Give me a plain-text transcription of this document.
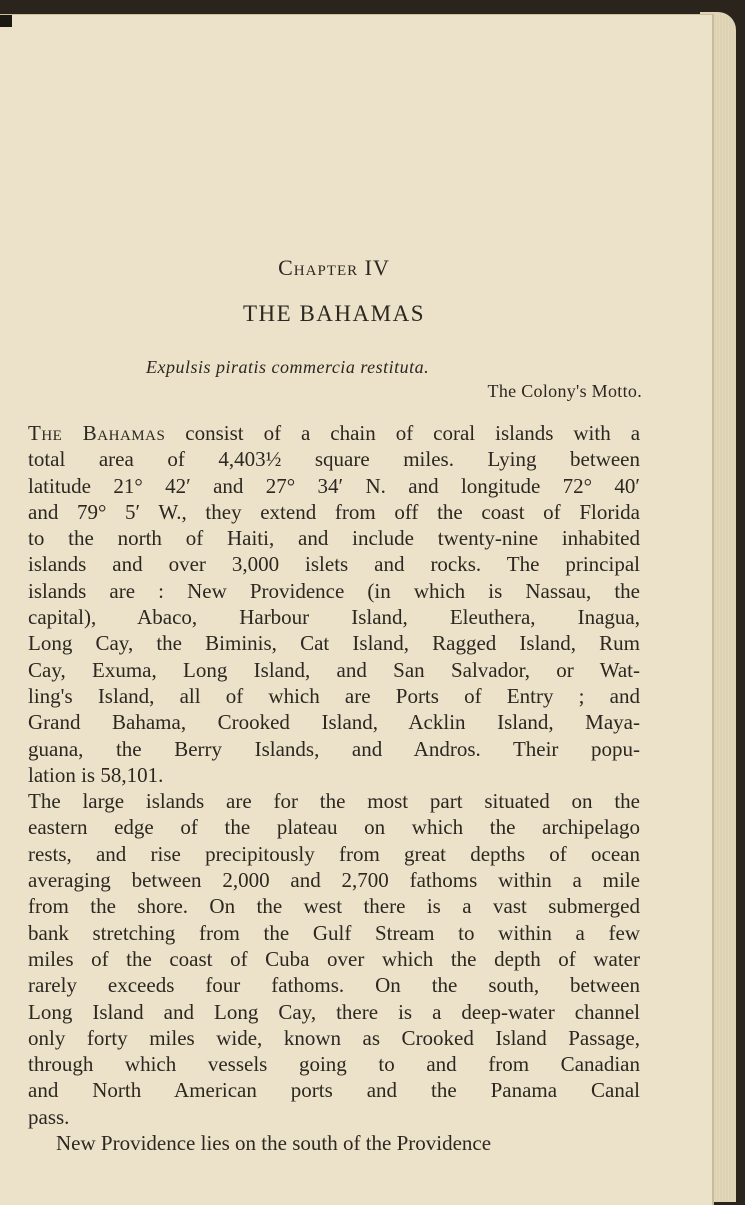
Chapter IV
THE BAHAMAS
Expulsis piratis commercia restituta.
The Colony's Motto.

The Bahamas consist of a chain of coral islands with a
total area of 4,403½ square miles. Lying between
latitude 21° 42′ and 27° 34′ N. and longitude 72° 40′
and 79° 5′ W., they extend from off the coast of Florida
to the north of Haiti, and include twenty-nine inhabited
islands and over 3,000 islets and rocks. The principal
islands are : New Providence (in which is Nassau, the
capital), Abaco, Harbour Island, Eleuthera, Inagua,
Long Cay, the Biminis, Cat Island, Ragged Island, Rum
Cay, Exuma, Long Island, and San Salvador, or Wat-
ling's Island, all of which are Ports of Entry ; and
Grand Bahama, Crooked Island, Acklin Island, Maya-
guana, the Berry Islands, and Andros. Their popu-
lation is 58,101.

The large islands are for the most part situated on the
eastern edge of the plateau on which the archipelago
rests, and rise precipitously from great depths of ocean
averaging between 2,000 and 2,700 fathoms within a mile
from the shore. On the west there is a vast submerged
bank stretching from the Gulf Stream to within a few
miles of the coast of Cuba over which the depth of water
rarely exceeds four fathoms. On the south, between
Long Island and Long Cay, there is a deep-water channel
only forty miles wide, known as Crooked Island Passage,
through which vessels going to and from Canadian
and North American ports and the Panama Canal
pass.

New Providence lies on the south of the Providence
